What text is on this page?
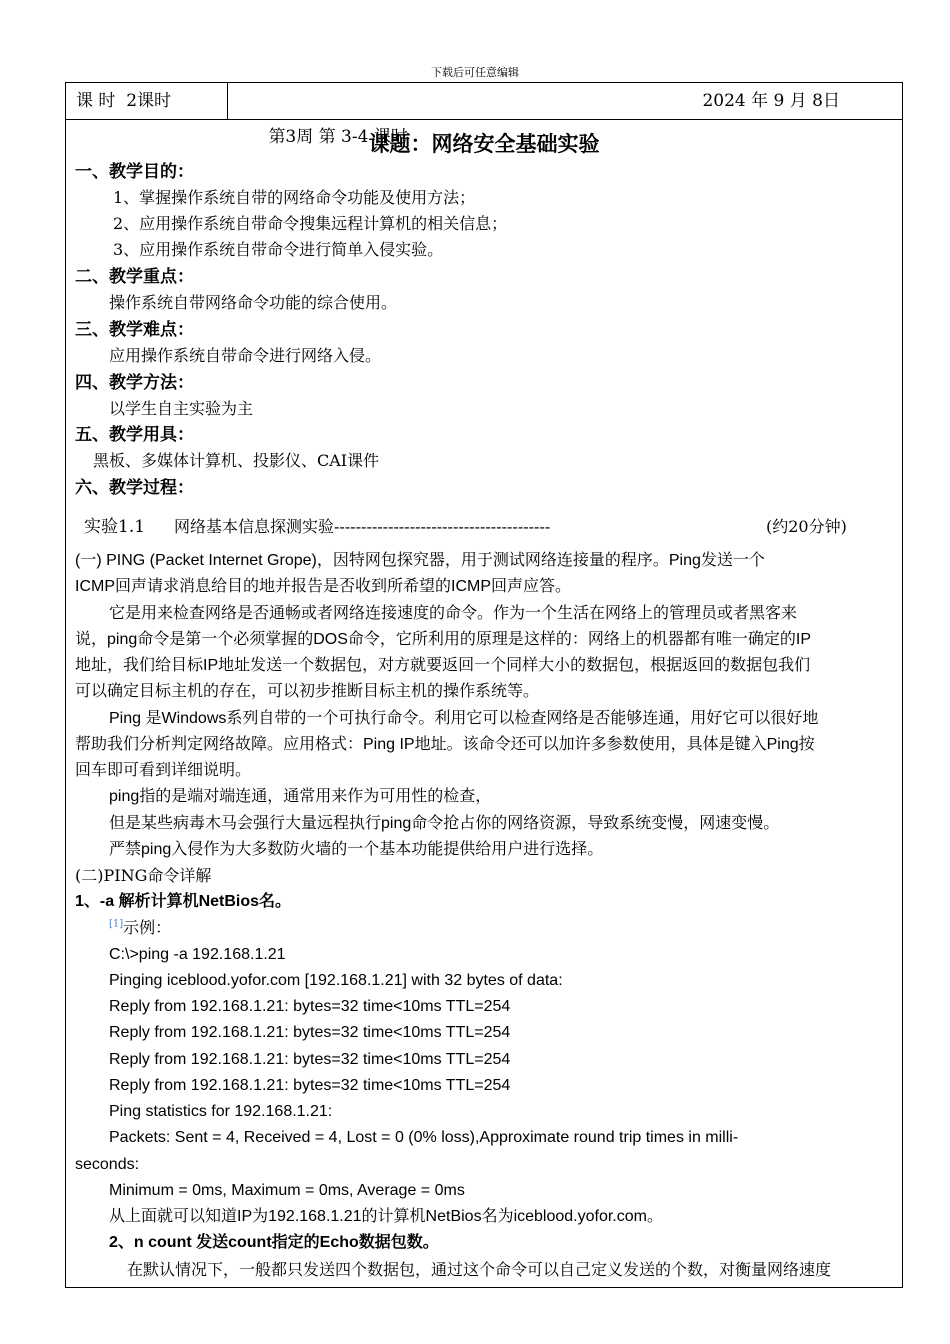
下载后可任意编辑
课 时  2课时

第3周 第 3-4 课时

2024 年 9 月 8日

课题：网络安全基础实验
一、教学目的：
1、掌握操作系统自带的网络命令功能及使用方法；
2、应用操作系统自带命令搜集远程计算机的相关信息；
3、应用操作系统自带命令进行简单入侵实验。
二、教学重点：
操作系统自带网络命令功能的综合使用。
三、教学难点：
应用操作系统自带命令进行网络入侵。
四、教学方法：
以学生自主实验为主
五、教学用具：
黑板、多媒体计算机、投影仪、CAI课件
六、教学过程：
实验1.1 网络基本信息探测实验----------------------------------------	(约20分钟)
(一) PING (Packet Internet Grope)，因特网包探究器，用于测试网络连接量的程序。Ping发送一个
ICMP回声请求消息给目的地并报告是否收到所希望的ICMP回声应答。
它是用来检查网络是否通畅或者网络连接速度的命令。作为一个生活在网络上的管理员或者黑客来
说，ping命令是第一个必须掌握的DOS命令，它所利用的原理是这样的：网络上的机器都有唯一确定的IP
地址，我们给目标IP地址发送一个数据包，对方就要返回一个同样大小的数据包，根据返回的数据包我们
可以确定目标主机的存在，可以初步推断目标主机的操作系统等。
Ping 是Windows系列自带的一个可执行命令。利用它可以检查网络是否能够连通，用好它可以很好地
帮助我们分析判定网络故障。应用格式：Ping IP地址。该命令还可以加许多参数使用，具体是键入Ping按
回车即可看到详细说明。
ping指的是端对端连通，通常用来作为可用性的检查，
但是某些病毒木马会强行大量远程执行ping命令抢占你的网络资源，导致系统变慢，网速变慢。
严禁ping入侵作为大多数防火墙的一个基本功能提供给用户进行选择。
(二)PING命令详解
1、-a 解析计算机NetBios名。
[1]示例：
C:\>ping -a 192.168.1.21
Pinging iceblood.yofor.com [192.168.1.21] with 32 bytes of data:
Reply from 192.168.1.21: bytes=32 time<10ms TTL=254
Reply from 192.168.1.21: bytes=32 time<10ms TTL=254
Reply from 192.168.1.21: bytes=32 time<10ms TTL=254
Reply from 192.168.1.21: bytes=32 time<10ms TTL=254
Ping statistics for 192.168.1.21:
Packets: Sent = 4, Received = 4, Lost = 0 (0% loss),Approximate round trip times in milli-
seconds:
Minimum = 0ms, Maximum = 0ms, Average = 0ms
从上面就可以知道IP为192.168.1.21的计算机NetBios名为iceblood.yofor.com。
2、n count 发送count指定的Echo数据包数。
在默认情况下，一般都只发送四个数据包，通过这个命令可以自己定义发送的个数，对衡量网络速度
